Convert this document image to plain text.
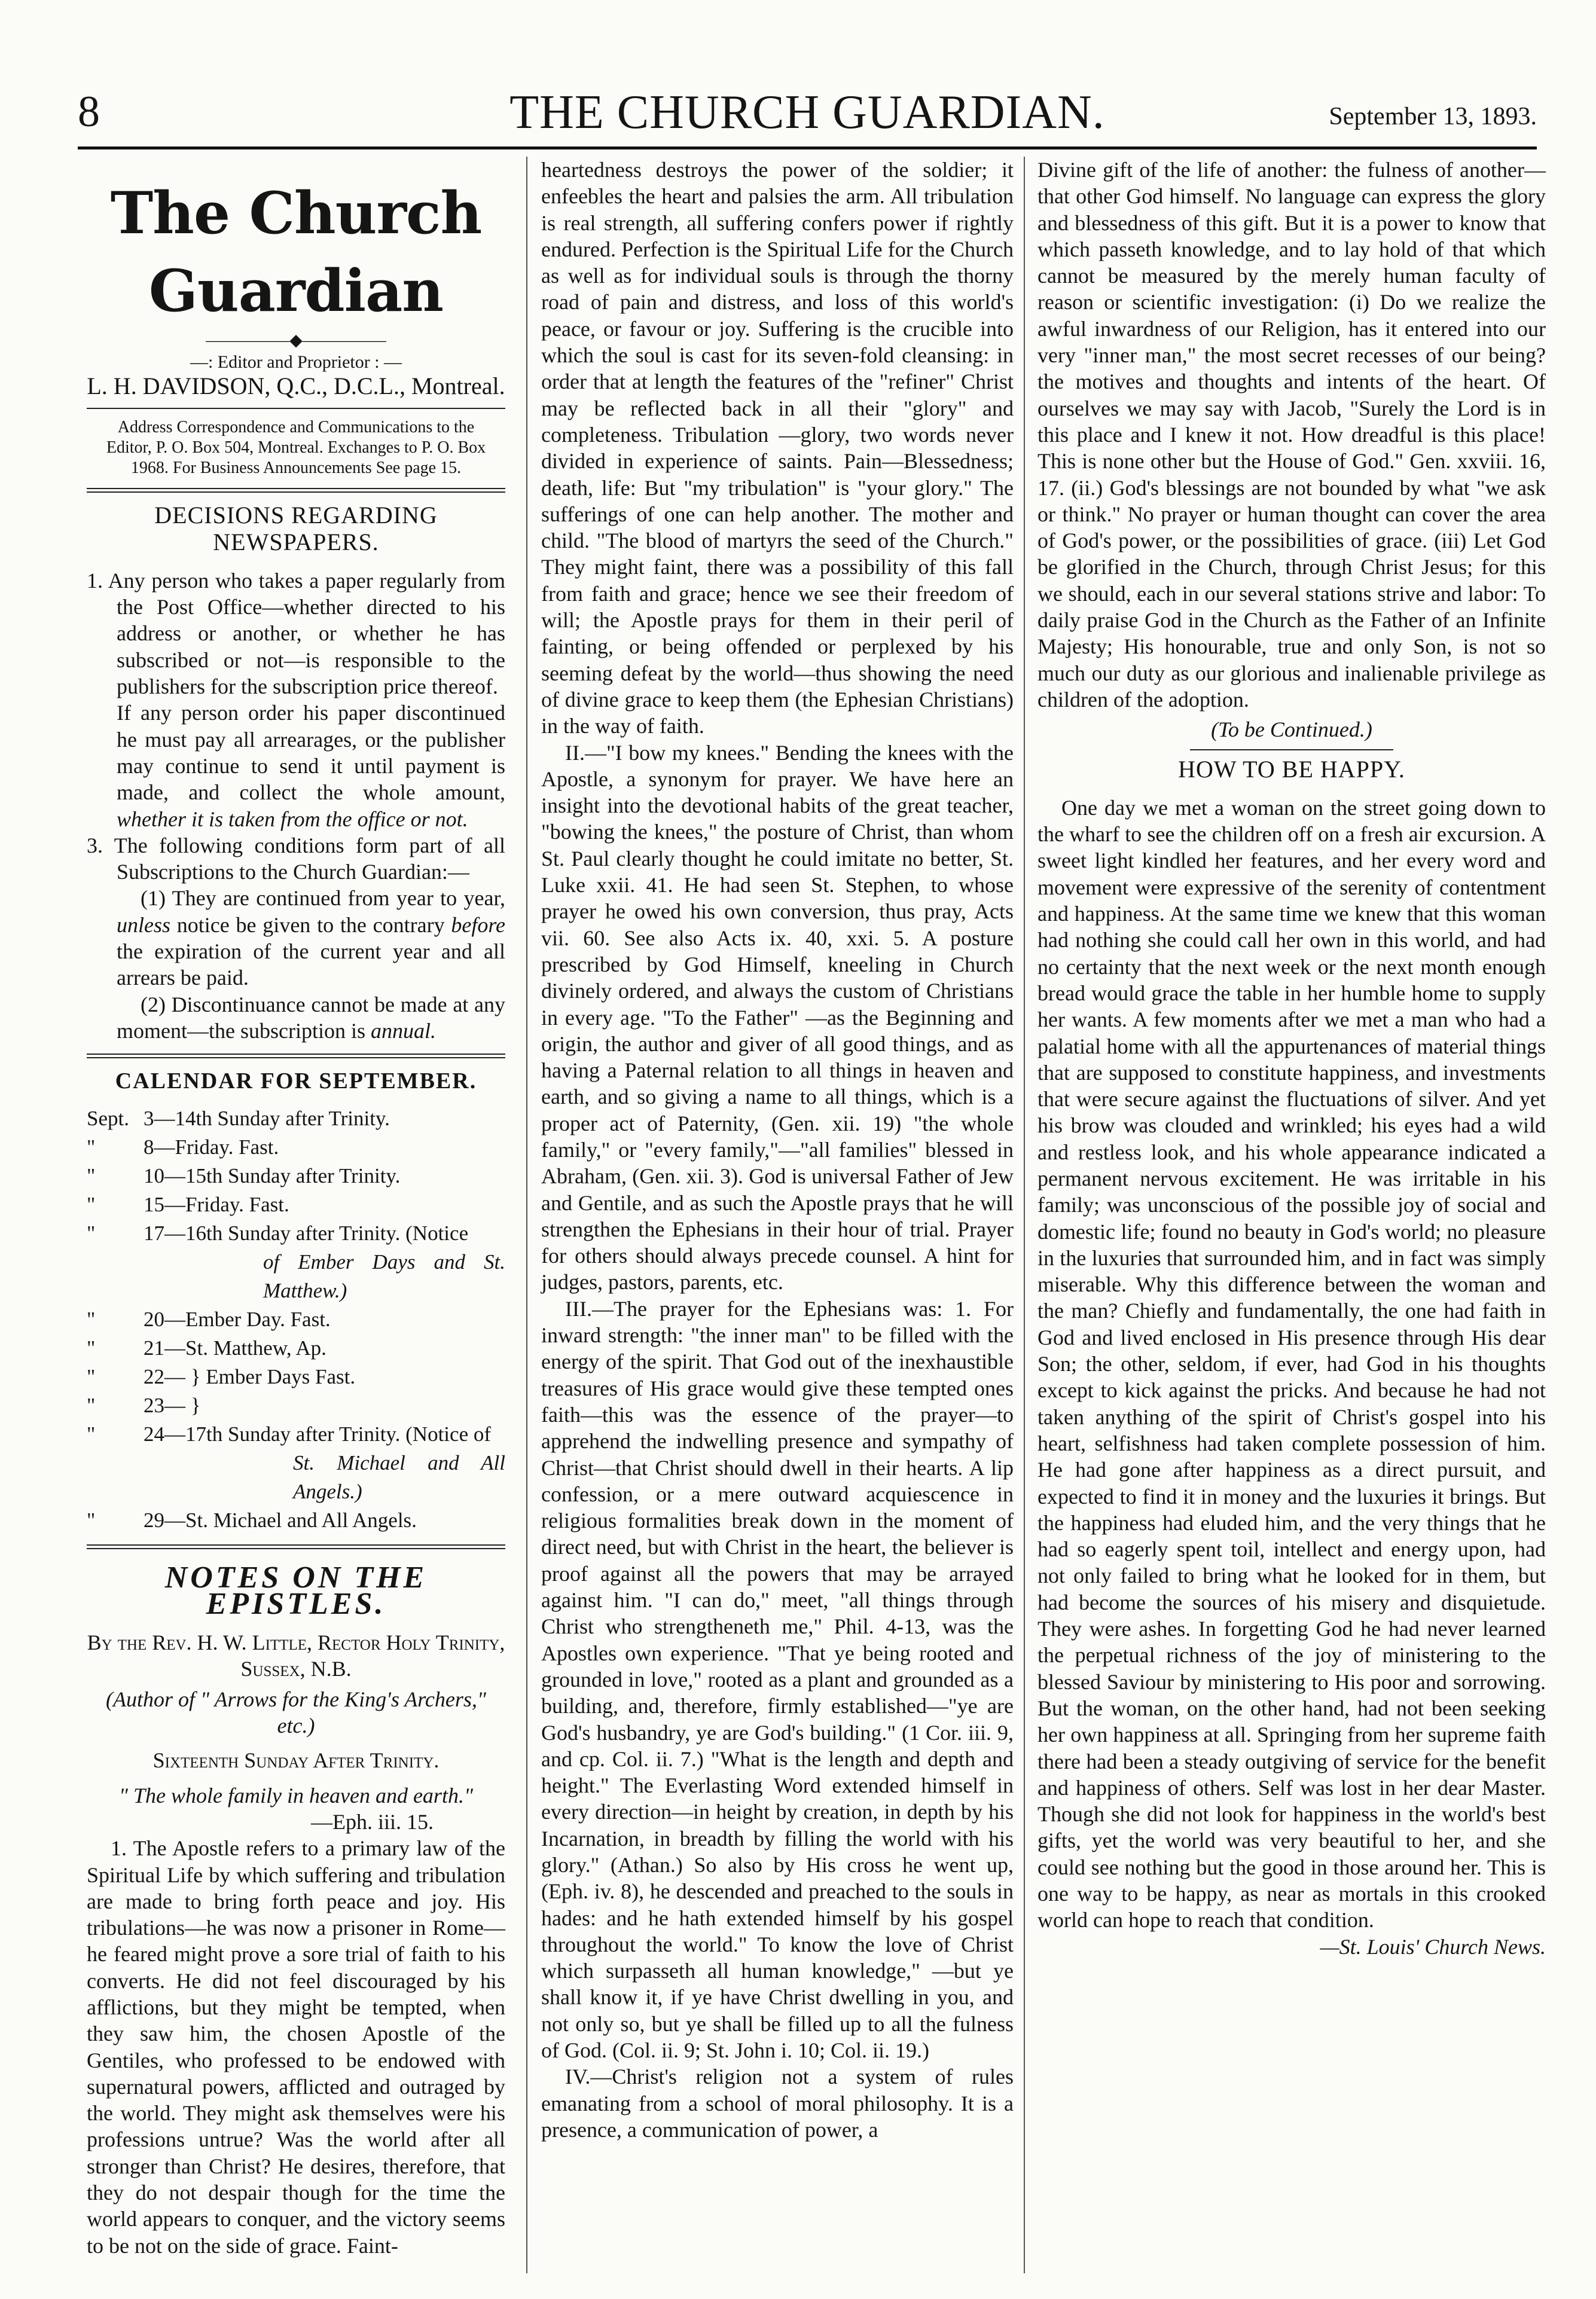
8	THE CHURCH GUARDIAN.	September 13, 1893.
The Church Guardian
―――――◆―――――
—: Editor and Proprietor : —

L. H. DAVIDSON, Q.C., D.C.L., Montreal.

Address Correspondence and Communications to the Editor, P. O. Box 504, Montreal. Exchanges to P. O. Box 1968. For Business Announcements See page 15.

DECISIONS REGARDING NEWSPAPERS.

1. Any person who takes a paper regularly from the Post Office—whether directed to his address or another, or whether he has subscribed or not—is responsible to the publishers for the subscription price thereof.

If any person order his paper discontinued he must pay all arrearages, or the publisher may continue to send it until payment is made, and collect the whole amount, whether it is taken from the office or not.

3. The following conditions form part of all Subscriptions to the Church Guardian:—

(1) They are continued from year to year, unless notice be given to the contrary before the expiration of the current year and all arrears be paid.

(2) Discontinuance cannot be made at any moment—the subscription is annual.

CALENDAR FOR SEPTEMBER.
Sept. 3—14th Sunday after Trinity.
"	8—Friday. Fast.
"	10—15th Sunday after Trinity.
"	15—Friday. Fast.
"	17—16th Sunday after Trinity. (Notice
of Ember Days and St. Matthew.)
"	20—Ember Day. Fast.
"	21—St. Matthew, Ap.
"	22— } Ember Days Fast.
"	23— }
"	24—17th Sunday after Trinity. (Notice of
St. Michael and All Angels.)
"	29—St. Michael and All Angels.
NOTES ON THE EPISTLES.

By the Rev. H. W. Little, Rector Holy Trinity, Sussex, N.B.

(Author of " Arrows for the King's Archers," etc.)

Sixteenth Sunday After Trinity.

" The whole family in heaven and earth."

—Eph. iii. 15.

1. The Apostle refers to a primary law of the Spiritual Life by which suffering and tribulation are made to bring forth peace and joy. His tribulations—he was now a prisoner in Rome—he feared might prove a sore trial of faith to his converts. He did not feel discouraged by his afflictions, but they might be tempted, when they saw him, the chosen Apostle of the Gentiles, who professed to be endowed with supernatural powers, afflicted and outraged by the world. They might ask themselves were his professions untrue? Was the world after all stronger than Christ? He desires, therefore, that they do not despair though for the time the world appears to conquer, and the victory seems to be not on the side of grace. Faint-

heartedness destroys the power of the soldier; it enfeebles the heart and palsies the arm. All tribulation is real strength, all suffering confers power if rightly endured. Perfection is the Spiritual Life for the Church as well as for individual souls is through the thorny road of pain and distress, and loss of this world's peace, or favour or joy. Suffering is the crucible into which the soul is cast for its seven-fold cleansing: in order that at length the features of the "refiner" Christ may be reflected back in all their "glory" and completeness. Tribulation —glory, two words never divided in experience of saints. Pain—Blessedness; death, life: But "my tribulation" is "your glory." The sufferings of one can help another. The mother and child. "The blood of martyrs the seed of the Church." They might faint, there was a possibility of this fall from faith and grace; hence we see their freedom of will; the Apostle prays for them in their peril of fainting, or being offended or perplexed by his seeming defeat by the world—thus showing the need of divine grace to keep them (the Ephesian Christians) in the way of faith.

II.—"I bow my knees." Bending the knees with the Apostle, a synonym for prayer. We have here an insight into the devotional habits of the great teacher, "bowing the knees," the posture of Christ, than whom St. Paul clearly thought he could imitate no better, St. Luke xxii. 41. He had seen St. Stephen, to whose prayer he owed his own conversion, thus pray, Acts vii. 60. See also Acts ix. 40, xxi. 5. A posture prescribed by God Himself, kneeling in Church divinely ordered, and always the custom of Christians in every age. "To the Father" —as the Beginning and origin, the author and giver of all good things, and as having a Paternal relation to all things in heaven and earth, and so giving a name to all things, which is a proper act of Paternity, (Gen. xii. 19) "the whole family," or "every family,"—"all families" blessed in Abraham, (Gen. xii. 3). God is universal Father of Jew and Gentile, and as such the Apostle prays that he will strengthen the Ephesians in their hour of trial. Prayer for others should always precede counsel. A hint for judges, pastors, parents, etc.

III.—The prayer for the Ephesians was: 1. For inward strength: "the inner man" to be filled with the energy of the spirit. That God out of the inexhaustible treasures of His grace would give these tempted ones faith—this was the essence of the prayer—to apprehend the indwelling presence and sympathy of Christ—that Christ should dwell in their hearts. A lip confession, or a mere outward acquiescence in religious formalities break down in the moment of direct need, but with Christ in the heart, the believer is proof against all the powers that may be arrayed against him. "I can do," meet, "all things through Christ who strengtheneth me," Phil. 4-13, was the Apostles own experience. "That ye being rooted and grounded in love," rooted as a plant and grounded as a building, and, therefore, firmly established—"ye are God's husbandry, ye are God's building." (1 Cor. iii. 9, and cp. Col. ii. 7.) "What is the length and depth and height." The Everlasting Word extended himself in every direction—in height by creation, in depth by his Incarnation, in breadth by filling the world with his glory." (Athan.) So also by His cross he went up, (Eph. iv. 8), he descended and preached to the souls in hades: and he hath extended himself by his gospel throughout the world." To know the love of Christ which surpasseth all human knowledge," —but ye shall know it, if ye have Christ dwelling in you, and not only so, but ye shall be filled up to all the fulness of God. (Col. ii. 9; St. John i. 10; Col. ii. 19.)

IV.—Christ's religion not a system of rules emanating from a school of moral philosophy. It is a presence, a communication of power, a

Divine gift of the life of another: the fulness of another—that other God himself. No language can express the glory and blessedness of this gift. But it is a power to know that which passeth knowledge, and to lay hold of that which cannot be measured by the merely human faculty of reason or scientific investigation: (i) Do we realize the awful inwardness of our Religion, has it entered into our very "inner man," the most secret recesses of our being? the motives and thoughts and intents of the heart. Of ourselves we may say with Jacob, "Surely the Lord is in this place and I knew it not. How dreadful is this place! This is none other but the House of God." Gen. xxviii. 16, 17. (ii.) God's blessings are not bounded by what "we ask or think." No prayer or human thought can cover the area of God's power, or the possibilities of grace. (iii) Let God be glorified in the Church, through Christ Jesus; for this we should, each in our several stations strive and labor: To daily praise God in the Church as the Father of an Infinite Majesty; His honourable, true and only Son, is not so much our duty as our glorious and inalienable privilege as children of the adoption.

(To be Continued.)

HOW TO BE HAPPY.

One day we met a woman on the street going down to the wharf to see the children off on a fresh air excursion. A sweet light kindled her features, and her every word and movement were expressive of the serenity of contentment and happiness. At the same time we knew that this woman had nothing she could call her own in this world, and had no certainty that the next week or the next month enough bread would grace the table in her humble home to supply her wants. A few moments after we met a man who had a palatial home with all the appurtenances of material things that are supposed to constitute happiness, and investments that were secure against the fluctuations of silver. And yet his brow was clouded and wrinkled; his eyes had a wild and restless look, and his whole appearance indicated a permanent nervous excitement. He was irritable in his family; was unconscious of the possible joy of social and domestic life; found no beauty in God's world; no pleasure in the luxuries that surrounded him, and in fact was simply miserable. Why this difference between the woman and the man? Chiefly and fundamentally, the one had faith in God and lived enclosed in His presence through His dear Son; the other, seldom, if ever, had God in his thoughts except to kick against the pricks. And because he had not taken anything of the spirit of Christ's gospel into his heart, selfishness had taken complete possession of him. He had gone after happiness as a direct pursuit, and expected to find it in money and the luxuries it brings. But the happiness had eluded him, and the very things that he had so eagerly spent toil, intellect and energy upon, had not only failed to bring what he looked for in them, but had become the sources of his misery and disquietude. They were ashes. In forgetting God he had never learned the perpetual richness of the joy of ministering to the blessed Saviour by ministering to His poor and sorrowing. But the woman, on the other hand, had not been seeking her own happiness at all. Springing from her supreme faith there had been a steady outgiving of service for the benefit and happiness of others. Self was lost in her dear Master. Though she did not look for happiness in the world's best gifts, yet the world was very beautiful to her, and she could see nothing but the good in those around her. This is one way to be happy, as near as mortals in this crooked world can hope to reach that condition.

—St. Louis' Church News.
